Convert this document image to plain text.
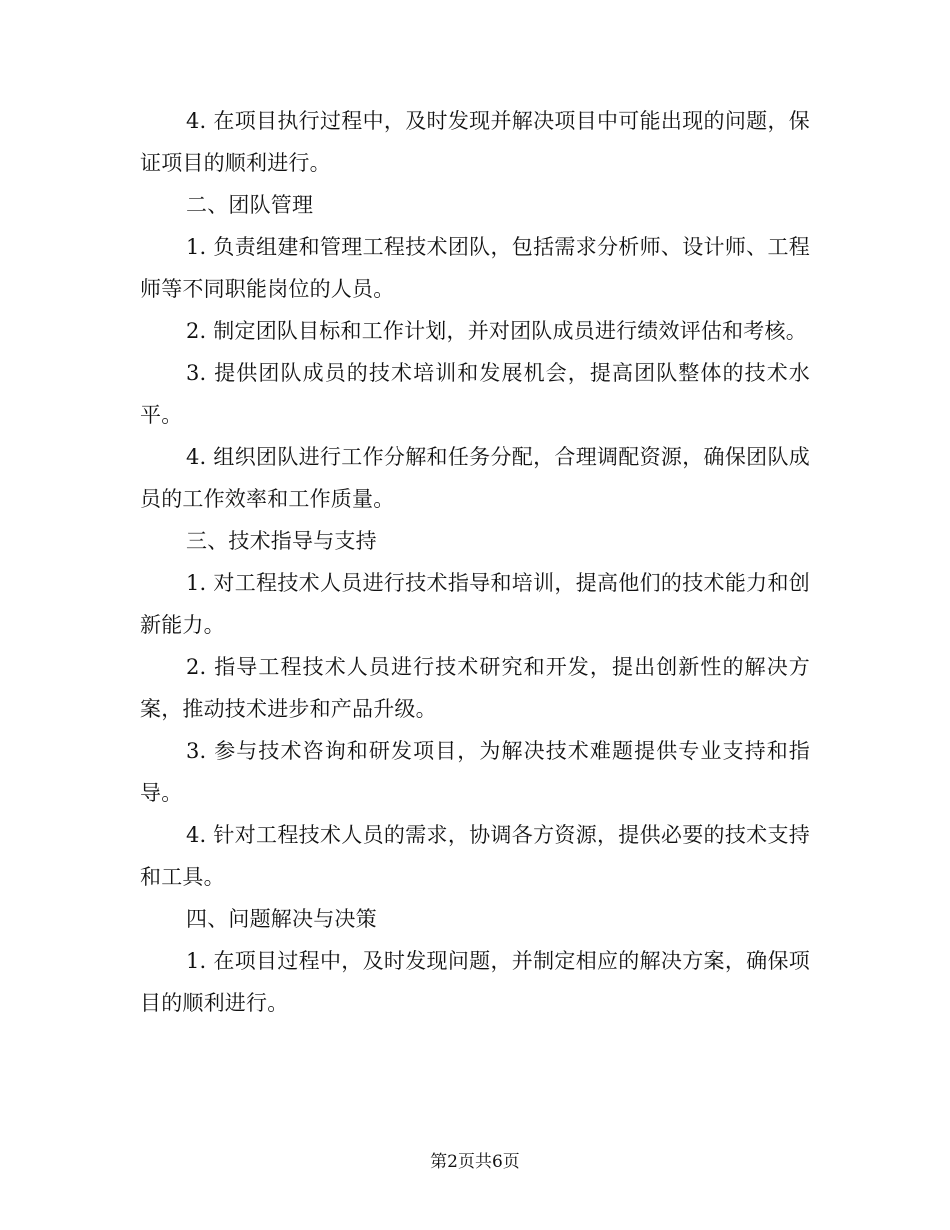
4. 在项目执行过程中，及时发现并解决项目中可能出现的问题，保证项目的顺利进行。

二、团队管理

1. 负责组建和管理工程技术团队，包括需求分析师、设计师、工程师等不同职能岗位的人员。

2. 制定团队目标和工作计划，并对团队成员进行绩效评估和考核。

3. 提供团队成员的技术培训和发展机会，提高团队整体的技术水平。

4. 组织团队进行工作分解和任务分配，合理调配资源，确保团队成员的工作效率和工作质量。

三、技术指导与支持

1. 对工程技术人员进行技术指导和培训，提高他们的技术能力和创新能力。

2. 指导工程技术人员进行技术研究和开发，提出创新性的解决方案，推动技术进步和产品升级。

3. 参与技术咨询和研发项目，为解决技术难题提供专业支持和指导。

4. 针对工程技术人员的需求，协调各方资源，提供必要的技术支持和工具。

四、问题解决与决策

1. 在项目过程中，及时发现问题，并制定相应的解决方案，确保项目的顺利进行。

第2页共6页
